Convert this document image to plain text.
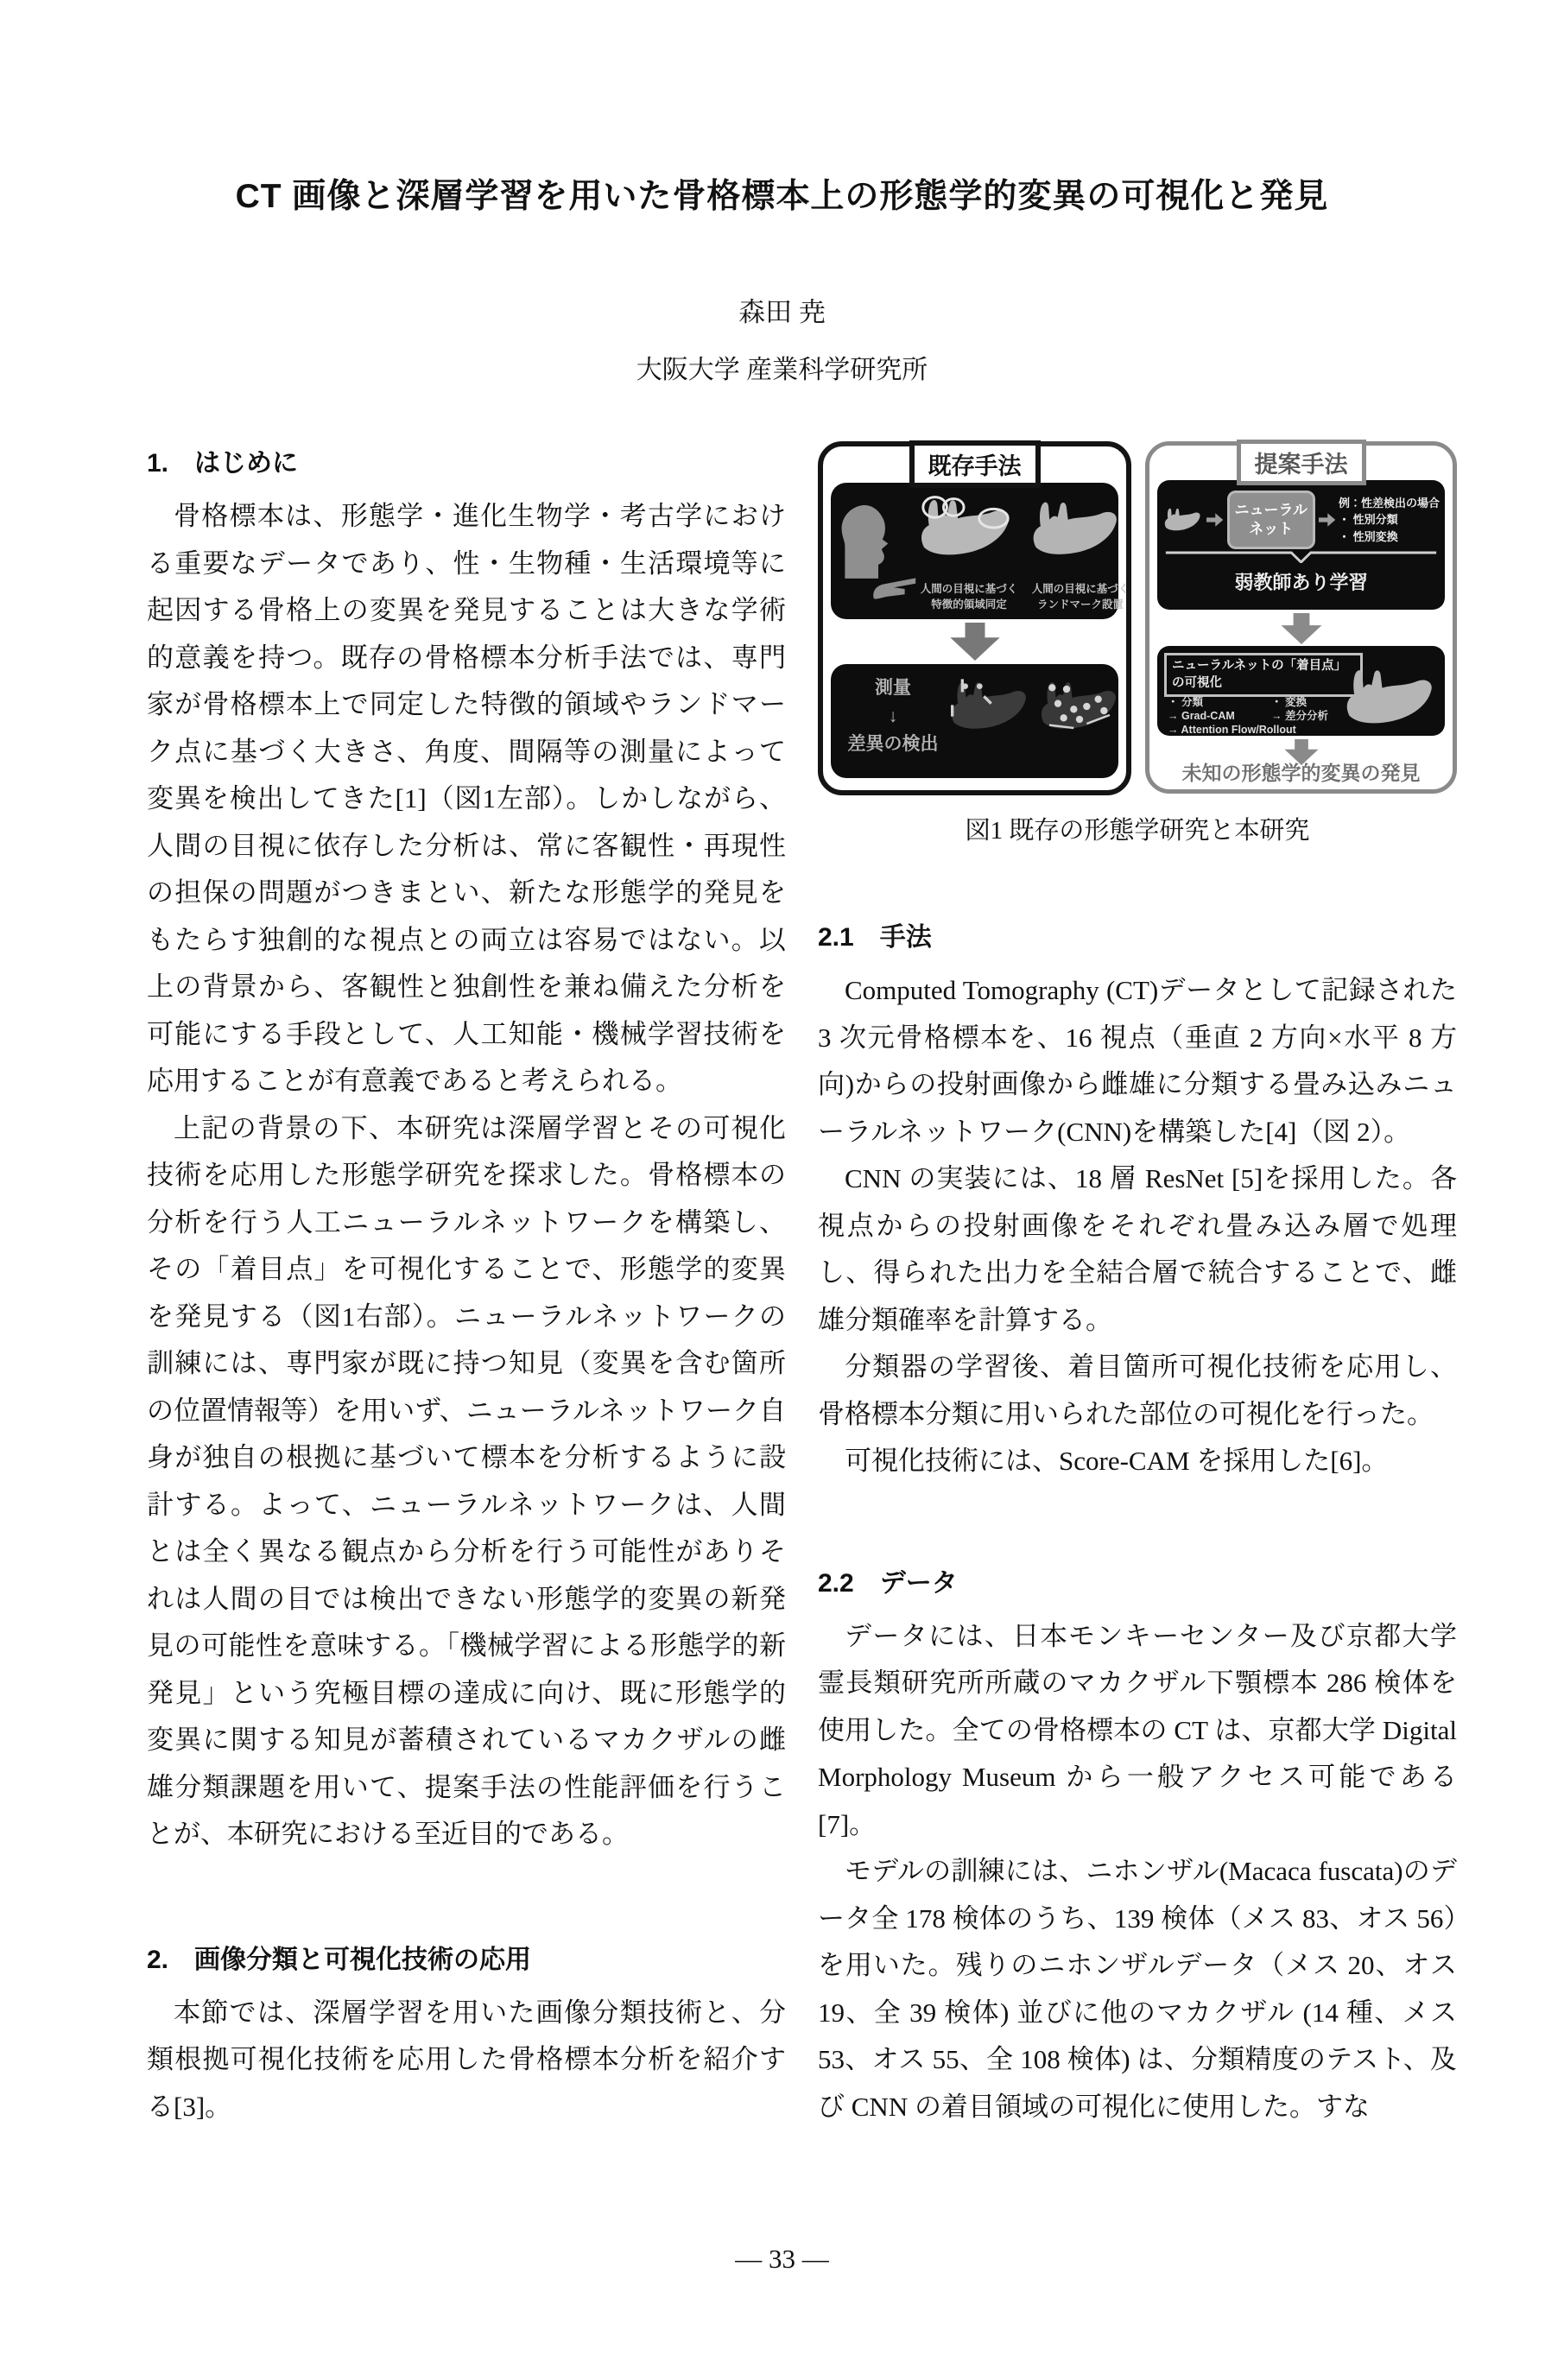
CT 画像と深層学習を用いた骨格標本上の形態学的変異の可視化と発見
森田 尭
大阪大学 産業科学研究所
1.　はじめに

骨格標本は、形態学・進化生物学・考古学における重要なデータであり、性・生物種・生活環境等に起因する骨格上の変異を発見することは大きな学術的意義を持つ。既存の骨格標本分析手法では、専門家が骨格標本上で同定した特徴的領域やランドマーク点に基づく大きさ、角度、間隔等の測量によって変異を検出してきた[1]（図1左部）。しかしながら、人間の目視に依存した分析は、常に客観性・再現性の担保の問題がつきまとい、新たな形態学的発見をもたらす独創的な視点との両立は容易ではない。以上の背景から、客観性と独創性を兼ね備えた分析を可能にする手段として、人工知能・機械学習技術を応用することが有意義であると考えられる。

上記の背景の下、本研究は深層学習とその可視化技術を応用した形態学研究を探求した。骨格標本の分析を行う人工ニューラルネットワークを構築し、その「着目点」を可視化することで、形態学的変異を発見する（図1右部）。ニューラルネットワークの訓練には、専門家が既に持つ知見（変異を含む箇所の位置情報等）を用いず、ニューラルネットワーク自身が独自の根拠に基づいて標本を分析するように設計する。よって、ニューラルネットワークは、人間とは全く異なる観点から分析を行う可能性がありそれは人間の目では検出できない形態学的変異の新発見の可能性を意味する。「機械学習による形態学的新発見」という究極目標の達成に向け、既に形態学的変異に関する知見が蓄積されているマカクザルの雌雄分類課題を用いて、提案手法の性能評価を行うことが、本研究における至近目的である。

2.　画像分類と可視化技術の応用

本節では、深層学習を用いた画像分類技術と、分類根拠可視化技術を応用した骨格標本分析を紹介する[3]。

既存手法
人間の目視に基づく
特徴的領域同定
人間の目視に基づく
ランドマーク設置
測量
↓
差異の検出
提案手法
ニューラルネット
例：性差検出の場合
・ 性別分類
・ 性別変換
弱教師あり学習
ニューラルネットの「着目点」の可視化
・ 分類	・ 変換
→ Grad-CAM	→ 差分分析
→ Attention Flow/Rollout
未知の形態学的変異の発見
図1 既存の形態学研究と本研究
2.1　手法

Computed Tomography (CT)データとして記録された 3 次元骨格標本を、16 視点（垂直 2 方向×水平 8 方向)からの投射画像から雌雄に分類する畳み込みニューラルネットワーク(CNN)を構築した[4]（図 2）。

CNN の実装には、18 層 ResNet [5]を採用した。各視点からの投射画像をそれぞれ畳み込み層で処理し、得られた出力を全結合層で統合することで、雌雄分類確率を計算する。

分類器の学習後、着目箇所可視化技術を応用し、骨格標本分類に用いられた部位の可視化を行った。

可視化技術には、Score-CAM を採用した[6]。

2.2　データ

データには、日本モンキーセンター及び京都大学霊長類研究所所蔵のマカクザル下顎標本 286 検体を使用した。全ての骨格標本の CT は、京都大学 Digital Morphology Museum から一般アクセス可能である[7]。

モデルの訓練には、ニホンザル(Macaca fuscata)のデータ全 178 検体のうち、139 検体（メス 83、オス 56）を用いた。残りのニホンザルデータ（メス 20、オス 19、全 39 検体) 並びに他のマカクザル (14 種、メス 53、オス 55、全 108 検体) は、分類精度のテスト、及び CNN の着目領域の可視化に使用した。すな

— 33 —
